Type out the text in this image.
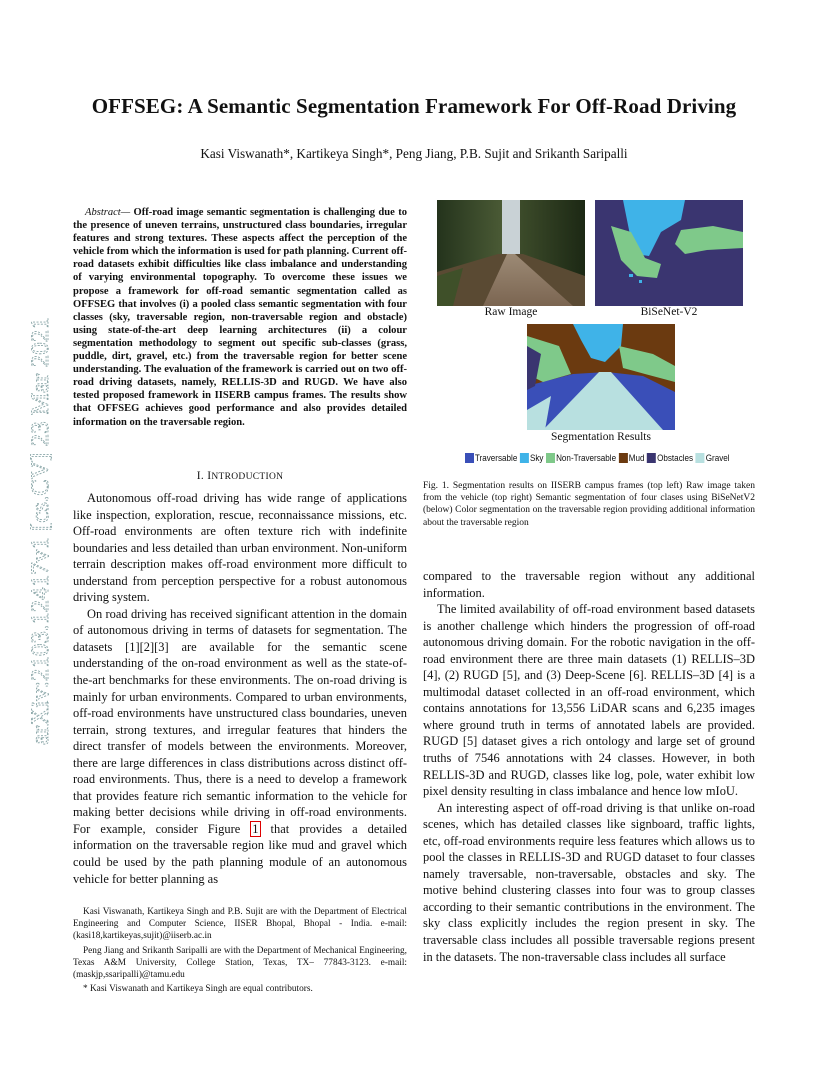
arXiv:2103.12417v1 [cs.CV] 23 Mar 2021
OFFSEG: A Semantic Segmentation Framework For Off-Road Driving
Kasi Viswanath*, Kartikeya Singh*, Peng Jiang, P.B. Sujit and Srikanth Saripalli
Abstract— Off-road image semantic segmentation is challenging due to the presence of uneven terrains, unstructured class boundaries, irregular features and strong textures. These aspects affect the perception of the vehicle from which the information is used for path planning. Current off-road datasets exhibit difficulties like class imbalance and understanding of varying environmental topography. To overcome these issues we propose a framework for off-road semantic segmentation called as OFFSEG that involves (i) a pooled class semantic segmentation with four classes (sky, traversable region, non-traversable region and obstacle) using state-of-the-art deep learning architectures (ii) a colour segmentation methodology to segment out specific sub-classes (grass, puddle, dirt, gravel, etc.) from the traversable region for better scene understanding. The evaluation of the framework is carried out on two off-road driving datasets, namely, RELLIS-3D and RUGD. We have also tested proposed framework in IISERB campus frames. The results show that OFFSEG achieves good performance and also provides detailed information on the traversable region.
I. INTRODUCTION

Autonomous off-road driving has wide range of applications like inspection, exploration, rescue, reconnaissance missions, etc. Off-road environments are often texture rich with indefinite boundaries and less detailed than urban environment. Non-uniform terrain description makes off-road environment more difficult to understand from perception perspective for a robust autonomous driving system.

On road driving has received significant attention in the domain of autonomous driving in terms of datasets for segmentation. The datasets [1][2][3] are available for the semantic scene understanding of the on-road environment as well as the state-of-the-art benchmarks for these environments. The on-road driving is mainly for urban environments. Compared to urban environments, off-road environments have unstructured class boundaries, uneven terrain, strong textures, and irregular features that hinders the direct transfer of models between the environments. Moreover, there are large differences in class distributions across distinct off-road environments. Thus, there is a need to develop a framework that provides feature rich semantic information to the vehicle for making better decisions while driving in off-road environments. For example, consider Figure 1 that provides a detailed information on the traversable region like mud and gravel which could be used by the path planning module of an autonomous vehicle for better planning as

Kasi Viswanath, Kartikeya Singh and P.B. Sujit are with the Department of Electrical Engineering and Computer Science, IISER Bhopal, Bhopal - India. e-mail:(kasi18,kartikeyas,sujit)@iiserb.ac.in

Peng Jiang and Srikanth Saripalli are with the Department of Mechanical Engineering, Texas A&M University, College Station, Texas, TX– 77843-3123. e-mail:(maskjp,ssaripalli)@tamu.edu

* Kasi Viswanath and Kartikeya Singh are equal contributors.

Raw Image	BiSeNet-V2
Segmentation Results
Traversable Sky Non-Traversable Mud Obstacles Gravel
Fig. 1. Segmentation results on IISERB campus frames (top left) Raw image taken from the vehicle (top right) Semantic segmentation of four clases using BiSeNetV2 (below) Color segmentation on the traversable region providing additional information about the traversable region

compared to the traversable region without any additional information.

The limited availability of off-road environment based datasets is another challenge which hinders the progression of off-road autonomous driving domain. For the robotic navigation in the off-road environment there are three main datasets (1) RELLIS–3D [4], (2) RUGD [5], and (3) Deep-Scene [6]. RELLIS–3D [4] is a multimodal dataset collected in an off-road environment, which contains annotations for 13,556 LiDAR scans and 6,235 images where ground truth in terms of annotated labels are provided. RUGD [5] dataset gives a rich ontology and large set of ground truths of 7546 annotations with 24 classes. However, in both RELLIS-3D and RUGD, classes like log, pole, water exhibit low pixel density resulting in class imbalance and hence low mIoU.

An interesting aspect of off-road driving is that unlike on-road scenes, which has detailed classes like signboard, traffic lights, etc, off-road environments require less features which allows us to pool the classes in RELLIS-3D and RUGD dataset to four classes namely traversable, non-traversable, obstacles and sky. The motive behind clustering classes into four was to group classes according to their semantic contributions in the environment. The sky class explicitly includes the region present in sky. The traversable class includes all possible traversable regions present in the datasets. The non-traversable class includes all surface
